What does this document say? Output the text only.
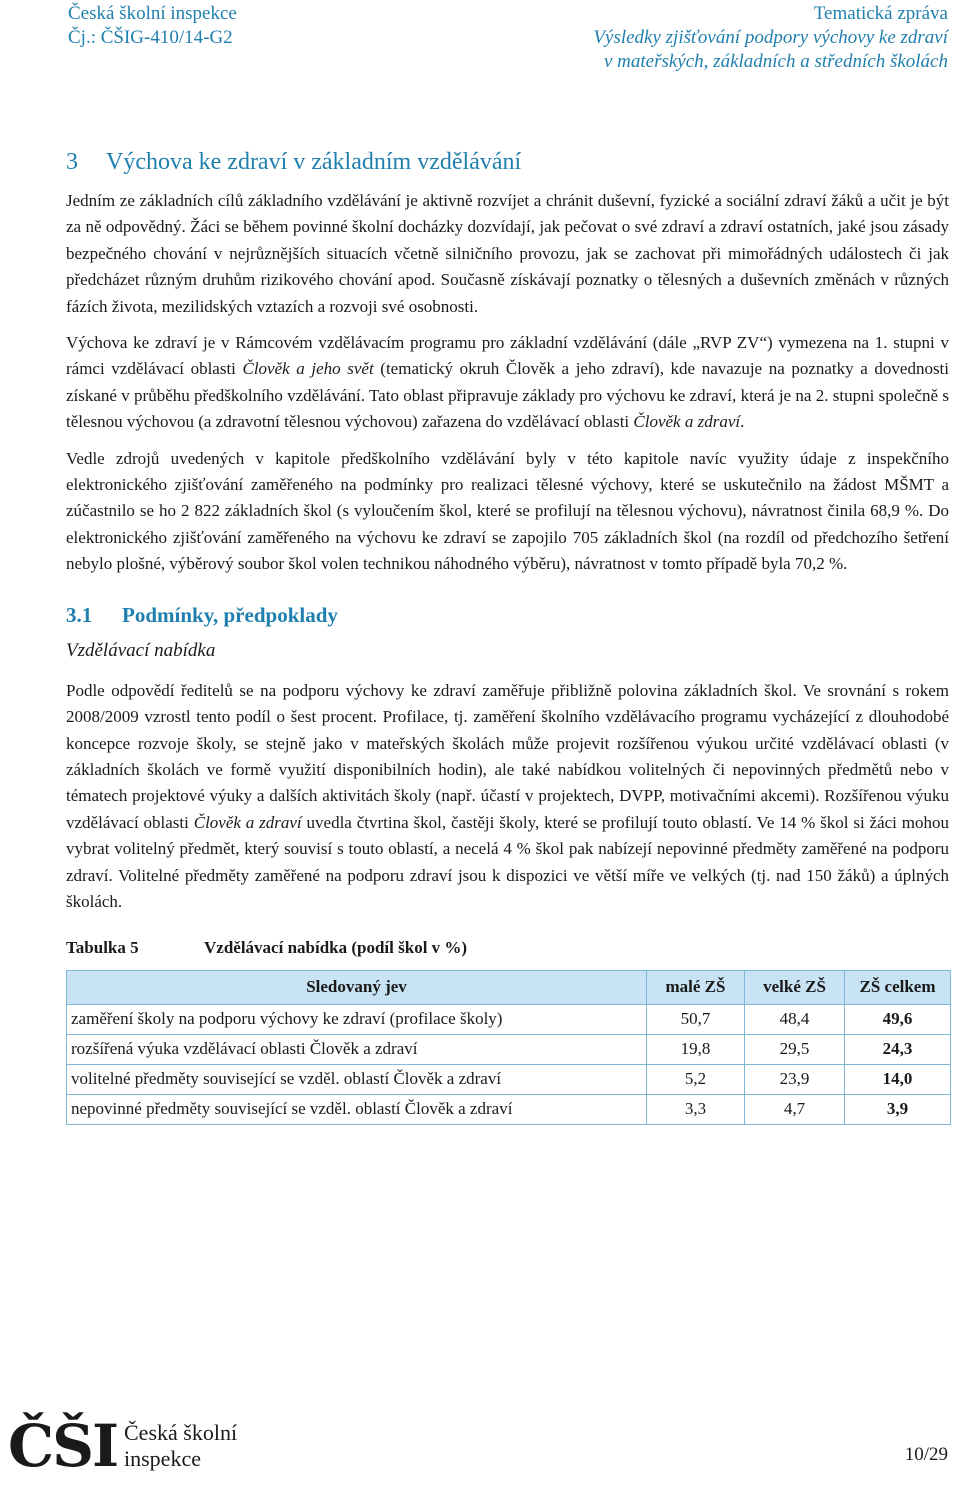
Česká školní inspekce
Čj.: ČŠIG-410/14-G2
Tematická zpráva
Výsledky zjišťování podpory výchovy ke zdraví
v mateřských, základních a středních školách
3	Výchova ke zdraví v základním vzdělávání

Jedním ze základních cílů základního vzdělávání je aktivně rozvíjet a chránit duševní, fyzické a sociální zdraví žáků a učit je být za ně odpovědný. Žáci se během povinné školní docházky dozvídají, jak pečovat o své zdraví a zdraví ostatních, jaké jsou zásady bezpečného chování v nejrůznějších situacích včetně silničního provozu, jak se zachovat při mimořádných událostech či jak předcházet různým druhům rizikového chování apod. Současně získávají poznatky o tělesných a duševních změnách v různých fázích života, mezilidských vztazích a rozvoji své osobnosti.

Výchova ke zdraví je v Rámcovém vzdělávacím programu pro základní vzdělávání (dále „RVP ZV“) vymezena na 1. stupni v rámci vzdělávací oblasti Člověk a jeho svět (tematický okruh Člověk a jeho zdraví), kde navazuje na poznatky a dovednosti získané v průběhu předškolního vzdělávání. Tato oblast připravuje základy pro výchovu ke zdraví, která je na 2. stupni společně s tělesnou výchovou (a zdravotní tělesnou výchovou) zařazena do vzdělávací oblasti Člověk a zdraví.

Vedle zdrojů uvedených v kapitole předškolního vzdělávání byly v této kapitole navíc využity údaje z inspekčního elektronického zjišťování zaměřeného na podmínky pro realizaci tělesné výchovy, které se uskutečnilo na žádost MŠMT a zúčastnilo se ho 2 822 základních škol (s vyloučením škol, které se profilují na tělesnou výchovu), návratnost činila 68,9 %. Do elektronického zjišťování zaměřeného na výchovu ke zdraví se zapojilo 705 základních škol (na rozdíl od předchozího šetření nebylo plošné, výběrový soubor škol volen technikou náhodného výběru), návratnost v tomto případě byla 70,2 %.

3.1	Podmínky, předpoklady
Vzdělávací nabídka

Podle odpovědí ředitelů se na podporu výchovy ke zdraví zaměřuje přibližně polovina základních škol. Ve srovnání s rokem 2008/2009 vzrostl tento podíl o šest procent. Profilace, tj. zaměření školního vzdělávacího programu vycházející z dlouhodobé koncepce rozvoje školy, se stejně jako v mateřských školách může projevit rozšířenou výukou určité vzdělávací oblasti (v základních školách ve formě využití disponibilních hodin), ale také nabídkou volitelných či nepovinných předmětů nebo v tématech projektové výuky a dalších aktivitách školy (např. účastí v projektech, DVPP, motivačními akcemi). Rozšířenou výuku vzdělávací oblasti Člověk a zdraví uvedla čtvrtina škol, častěji školy, které se profilují touto oblastí. Ve 14 % škol si žáci mohou vybrat volitelný předmět, který souvisí s touto oblastí, a necelá 4 % škol pak nabízejí nepovinné předměty zaměřené na podporu zdraví. Volitelné předměty zaměřené na podporu zdraví jsou k dispozici ve větší míře ve velkých (tj. nad 150 žáků) a úplných školách.

Tabulka 5	Vzdělávací nabídka (podíl škol v %)
Sledovaný jev	malé ZŠ	velké ZŠ	ZŠ celkem
zaměření školy na podporu výchovy ke zdraví (profilace školy)	50,7	48,4	49,6
rozšířená výuka vzdělávací oblasti Člověk a zdraví	19,8	29,5	24,3
volitelné předměty související se vzděl. oblastí Člověk a zdraví	5,2	23,9	14,0
nepovinné předměty související se vzděl. oblastí Člověk a zdraví	3,3	4,7	3,9
ČŠI Česká školní
inspekce	10/29
